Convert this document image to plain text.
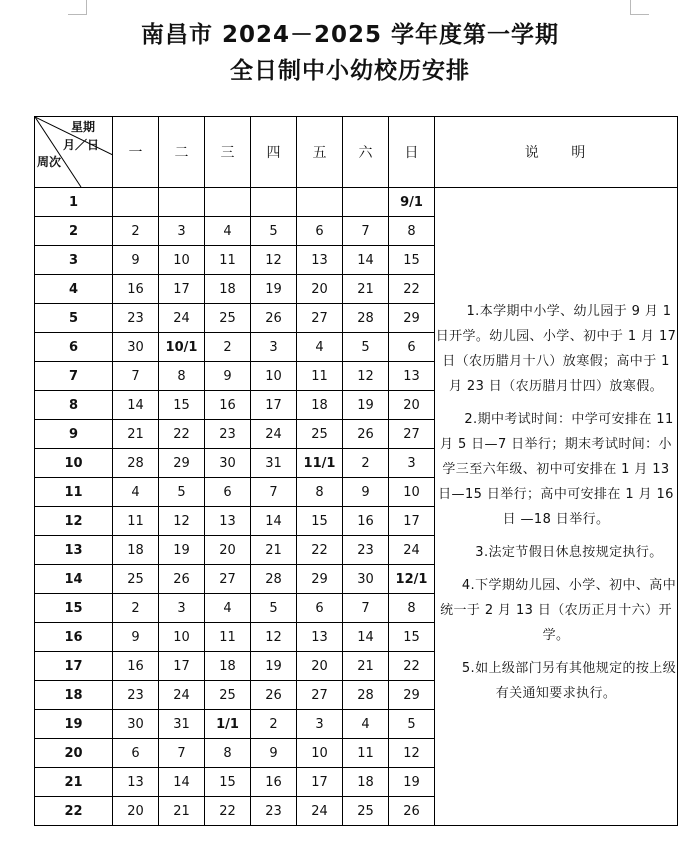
南昌市 2024－2025 学年度第一学期
全日制中小幼校历安排
星期
月／日
周次	一	二	三	四	五	六	日	说 明
1							9/1	1.本学期中小学、幼儿园于 9 月 1 日开学。幼儿园、小学、初中于 1 月 17 日（农历腊月十八）放寒假；高中于 1 月 23 日（农历腊月廿四）放寒假。

2.期中考试时间：中学可安排在 11 月 5 日—7 日举行；期末考试时间：小学三至六年级、初中可安排在 1 月 13 日—15 日举行；高中可安排在 1 月 16 日 —18 日举行。

3.法定节假日休息按规定执行。

4.下学期幼儿园、小学、初中、高中统一于 2 月 13 日（农历正月十六）开学。

5.如上级部门另有其他规定的按上级有关通知要求执行。

2	2	3	4	5	6	7	8	
3	9	10	11	12	13	14	15	
4	16	17	18	19	20	21	22	
5	23	24	25	26	27	28	29	
6	30	10/1	2	3	4	5	6	
7	7	8	9	10	11	12	13	
8	14	15	16	17	18	19	20	
9	21	22	23	24	25	26	27	
10	28	29	30	31	11/1	2	3	
11	4	5	6	7	8	9	10	
12	11	12	13	14	15	16	17	
13	18	19	20	21	22	23	24	
14	25	26	27	28	29	30	12/1	
15	2	3	4	5	6	7	8	
16	9	10	11	12	13	14	15	
17	16	17	18	19	20	21	22	
18	23	24	25	26	27	28	29	
19	30	31	1/1	2	3	4	5	
20	6	7	8	9	10	11	12	
21	13	14	15	16	17	18	19	
22	20	21	22	23	24	25	26	
